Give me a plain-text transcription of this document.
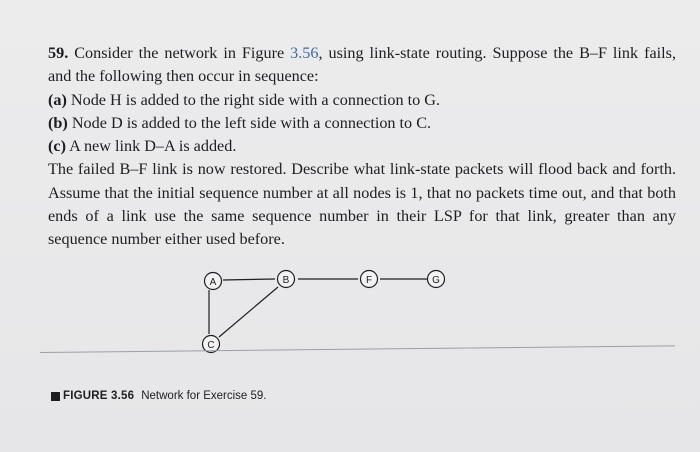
59. Consider the network in Figure 3.56, using link-state routing. Suppose the B–F link fails, and the following then occur in sequence:

(a) Node H is added to the right side with a connection to G.

(b) Node D is added to the left side with a connection to C.

(c) A new link D–A is added.

The failed B–F link is now restored. Describe what link-state packets will flood back and forth. Assume that the initial sequence number at all nodes is 1, that no packets time out, and that both ends of a link use the same sequence number in their LSP for that link, greater than any sequence number either used before.

A	B	F	G
C
FIGURE 3.56 Network for Exercise 59.
